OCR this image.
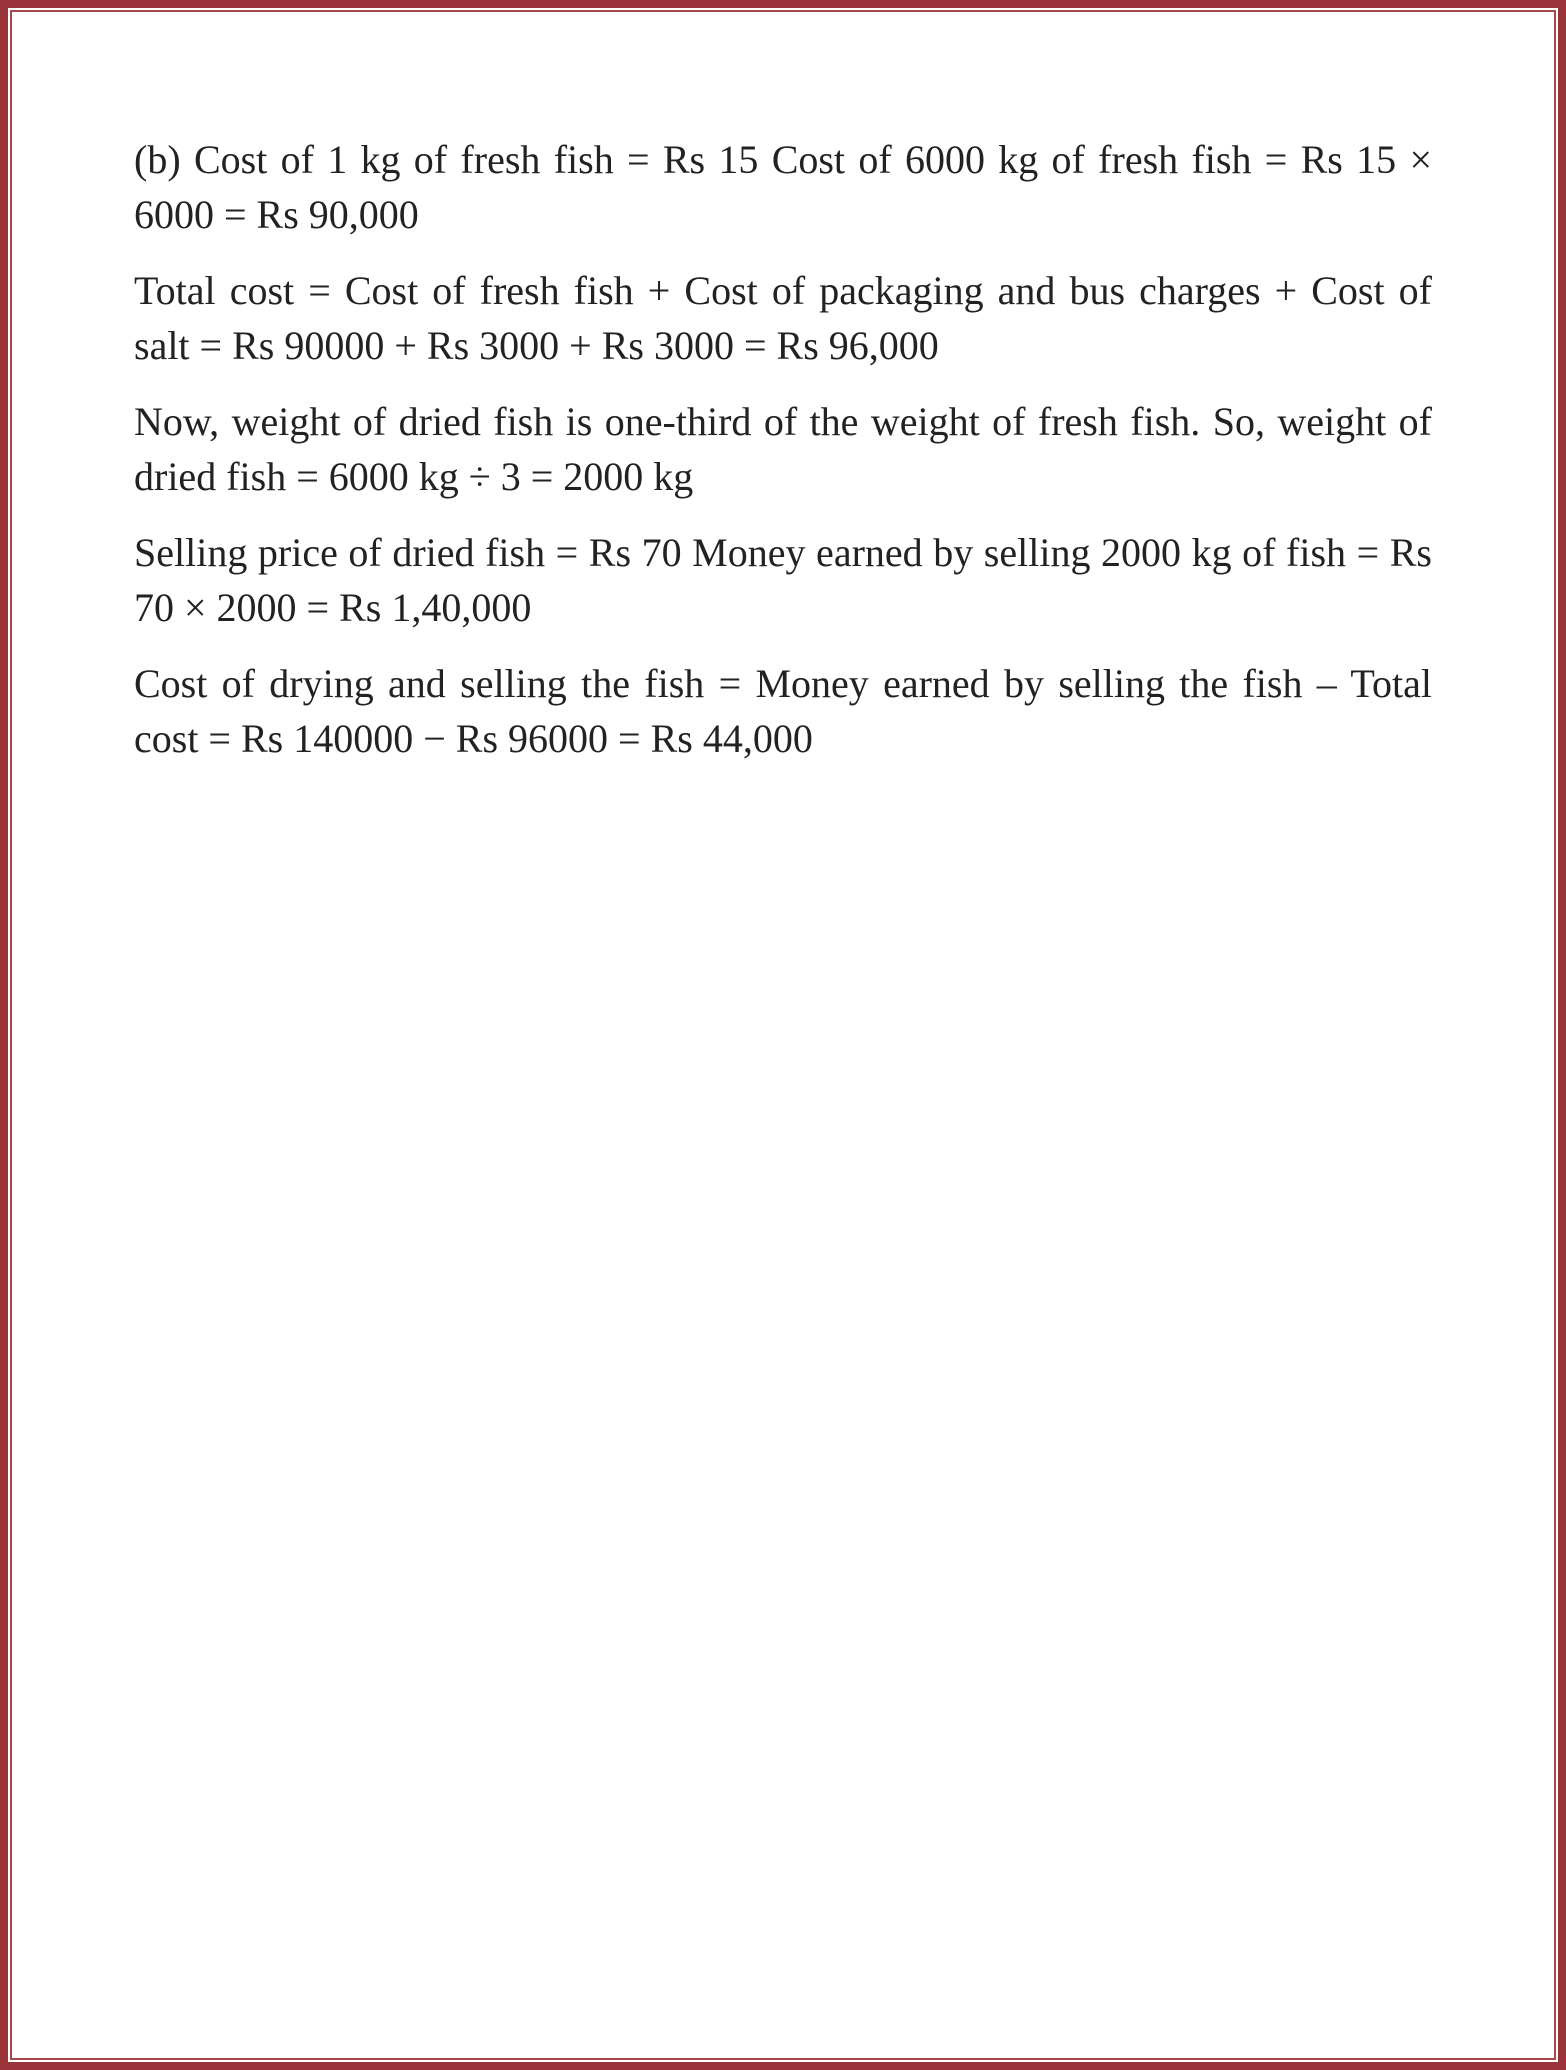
(b) Cost of 1 kg of fresh fish = Rs 15 Cost of 6000 kg of fresh fish = Rs 15 × 6000 = Rs 90,000

Total cost = Cost of fresh fish + Cost of packaging and bus charges + Cost of salt = Rs 90000 + Rs 3000 + Rs 3000 = Rs 96,000

Now, weight of dried fish is one-third of the weight of fresh fish. So, weight of dried fish = 6000 kg ÷ 3 = 2000 kg

Selling price of dried fish = Rs 70 Money earned by selling 2000 kg of fish = Rs 70 × 2000 = Rs 1,40,000

Cost of drying and selling the fish = Money earned by selling the fish – Total cost = Rs 140000 − Rs 96000 = Rs 44,000
